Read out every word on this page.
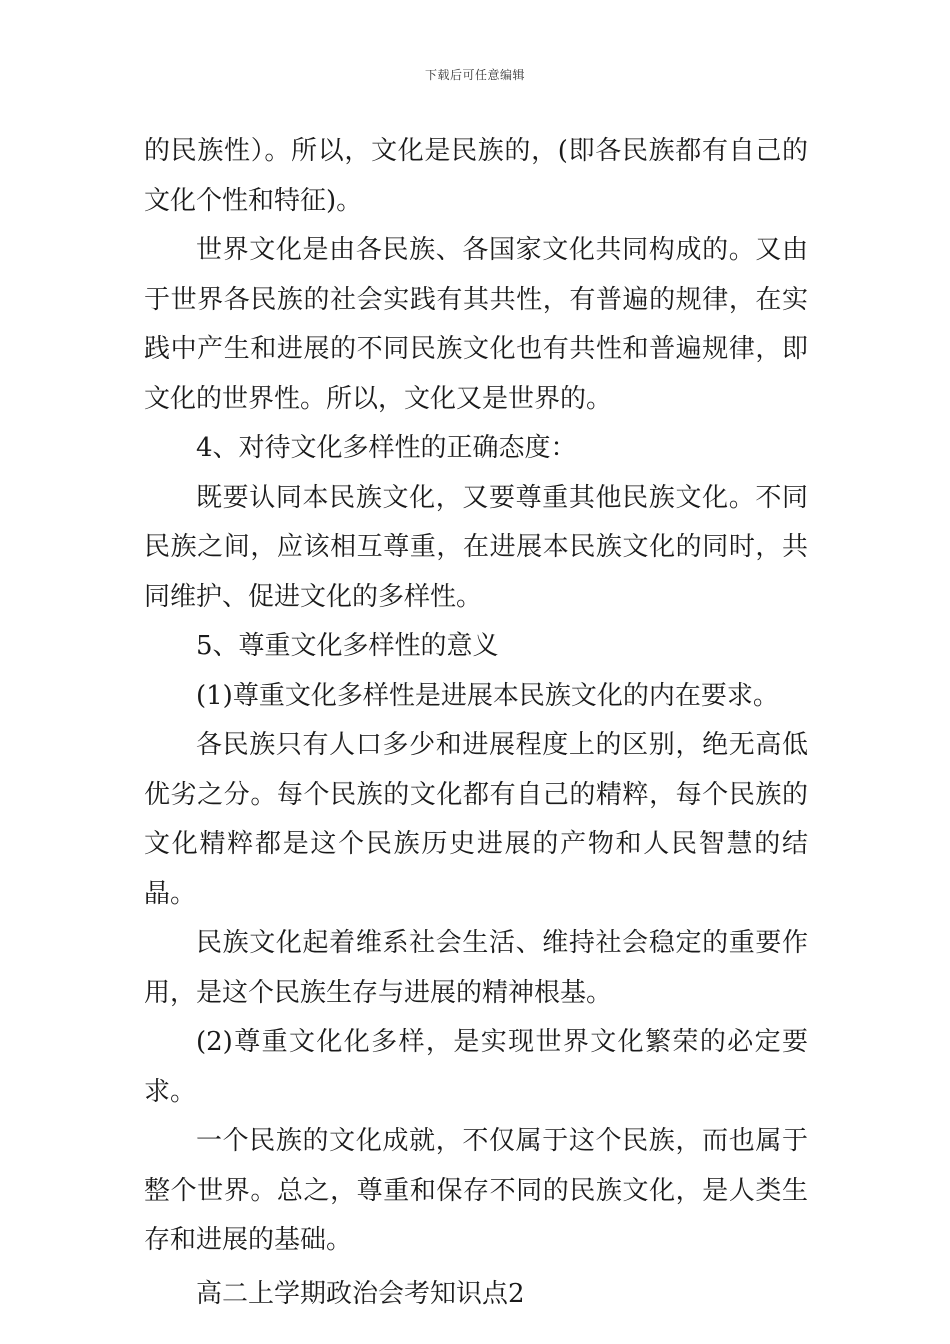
下载后可任意编辑

的民族性）。所以，文化是民族的，(即各民族都有自己的文化个性和特征)。

世界文化是由各民族、各国家文化共同构成的。又由于世界各民族的社会实践有其共性，有普遍的规律，在实践中产生和进展的不同民族文化也有共性和普遍规律，即文化的世界性。所以，文化又是世界的。

4、对待文化多样性的正确态度：

既要认同本民族文化，又要尊重其他民族文化。不同民族之间，应该相互尊重，在进展本民族文化的同时，共同维护、促进文化的多样性。

5、尊重文化多样性的意义

(1)尊重文化多样性是进展本民族文化的内在要求。

各民族只有人口多少和进展程度上的区别，绝无高低优劣之分。每个民族的文化都有自己的精粹，每个民族的文化精粹都是这个民族历史进展的产物和人民智慧的结晶。

民族文化起着维系社会生活、维持社会稳定的重要作用，是这个民族生存与进展的精神根基。

(2)尊重文化化多样，是实现世界文化繁荣的必定要求。

一个民族的文化成就，不仅属于这个民族，而也属于整个世界。总之，尊重和保存不同的民族文化，是人类生存和进展的基础。

高二上学期政治会考知识点2
